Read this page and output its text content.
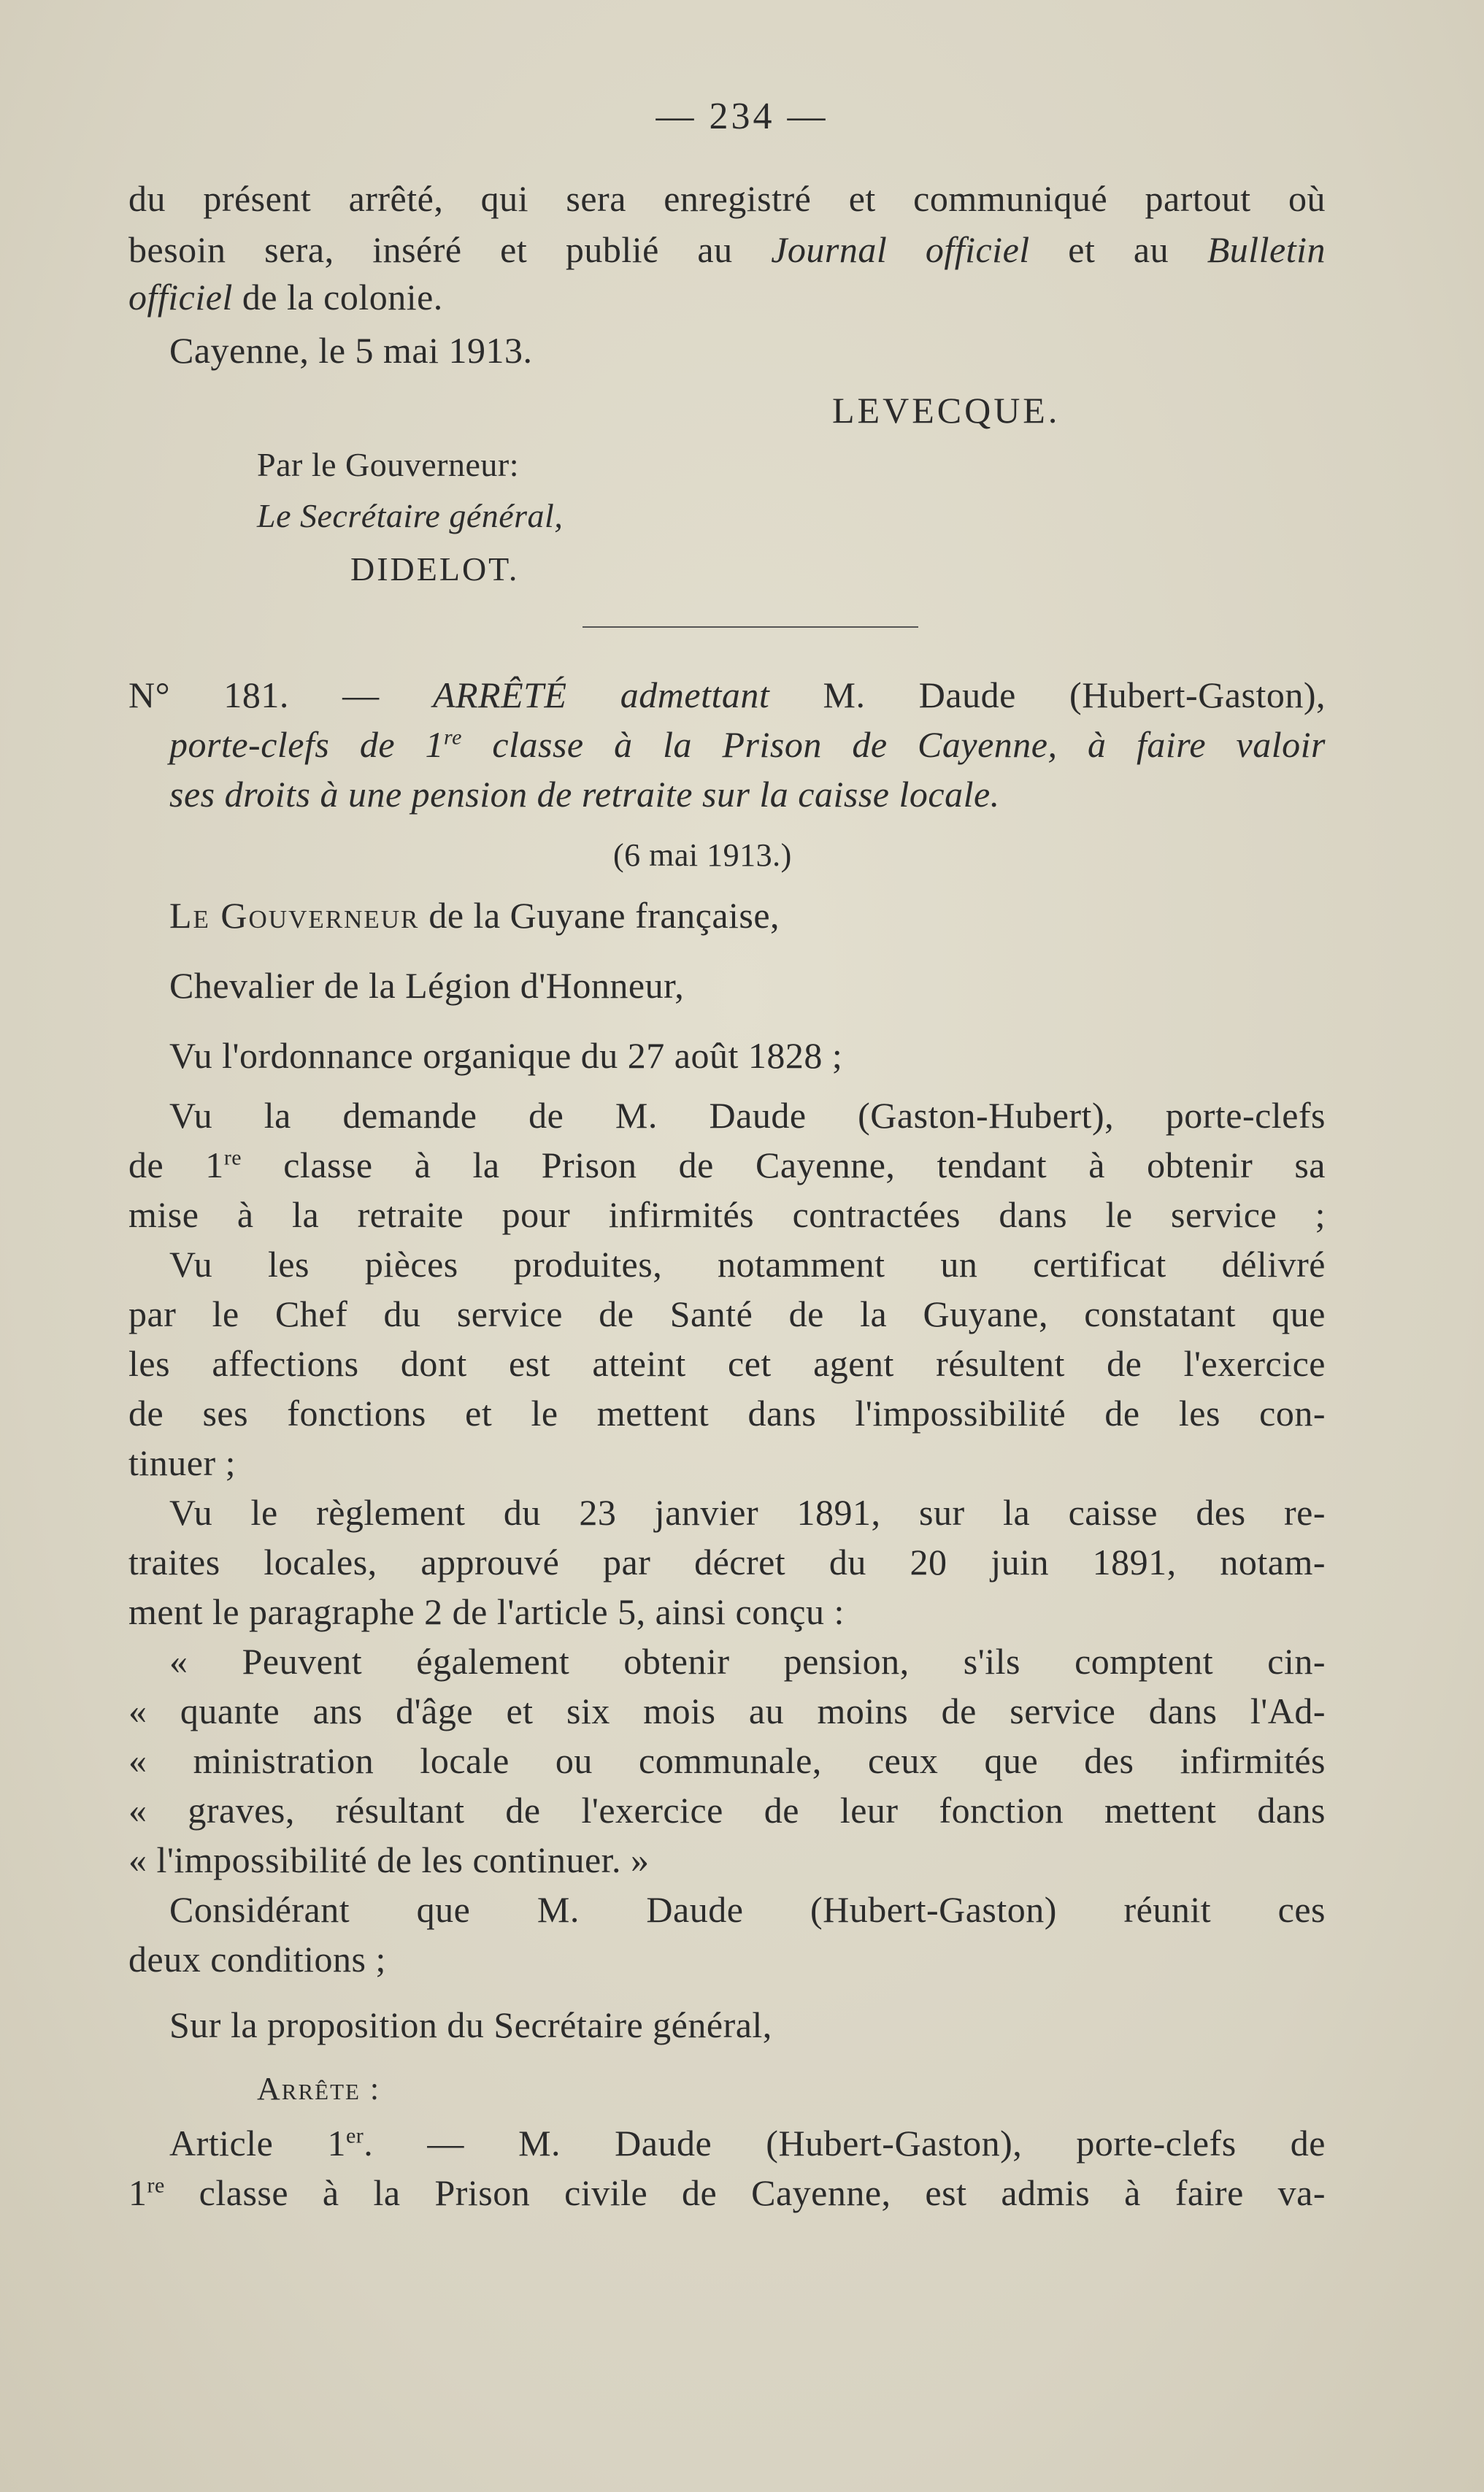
— 234 —
du présent arrêté, qui sera enregistré et communiqué partout où
besoin sera, inséré et publié au Journal officiel et au Bulletin
officiel de la colonie.
Cayenne, le 5 mai 1913.
LEVECQUE.
Par le Gouverneur:
Le Secrétaire général,
DIDELOT.
N° 181. — ARRÊTÉ admettant M. Daude (Hubert-Gaston),
porte-clefs de 1re classe à la Prison de Cayenne, à faire valoir
ses droits à une pension de retraite sur la caisse locale.
(6 mai 1913.)
Le Gouverneur de la Guyane française,
Chevalier de la Légion d'Honneur,
Vu l'ordonnance organique du 27 août 1828 ;
Vu la demande de M. Daude (Gaston-Hubert), porte-clefs
de 1re classe à la Prison de Cayenne, tendant à obtenir sa
mise à la retraite pour infirmités contractées dans le service ;
Vu les pièces produites, notamment un certificat délivré
par le Chef du service de Santé de la Guyane, constatant que
les affections dont est atteint cet agent résultent de l'exercice
de ses fonctions et le mettent dans l'impossibilité de les con-
tinuer ;
Vu le règlement du 23 janvier 1891, sur la caisse des re-
traites locales, approuvé par décret du 20 juin 1891, notam-
ment le paragraphe 2 de l'article 5, ainsi conçu :
« Peuvent également obtenir pension, s'ils comptent cin-
« quante ans d'âge et six mois au moins de service dans l'Ad-
« ministration locale ou communale, ceux que des infirmités
« graves, résultant de l'exercice de leur fonction mettent dans
« l'impossibilité de les continuer. »
Considérant que M. Daude (Hubert-Gaston) réunit ces
deux conditions ;
Sur la proposition du Secrétaire général,
Arrête :
Article 1er. — M. Daude (Hubert-Gaston), porte-clefs de
1re classe à la Prison civile de Cayenne, est admis à faire va-
